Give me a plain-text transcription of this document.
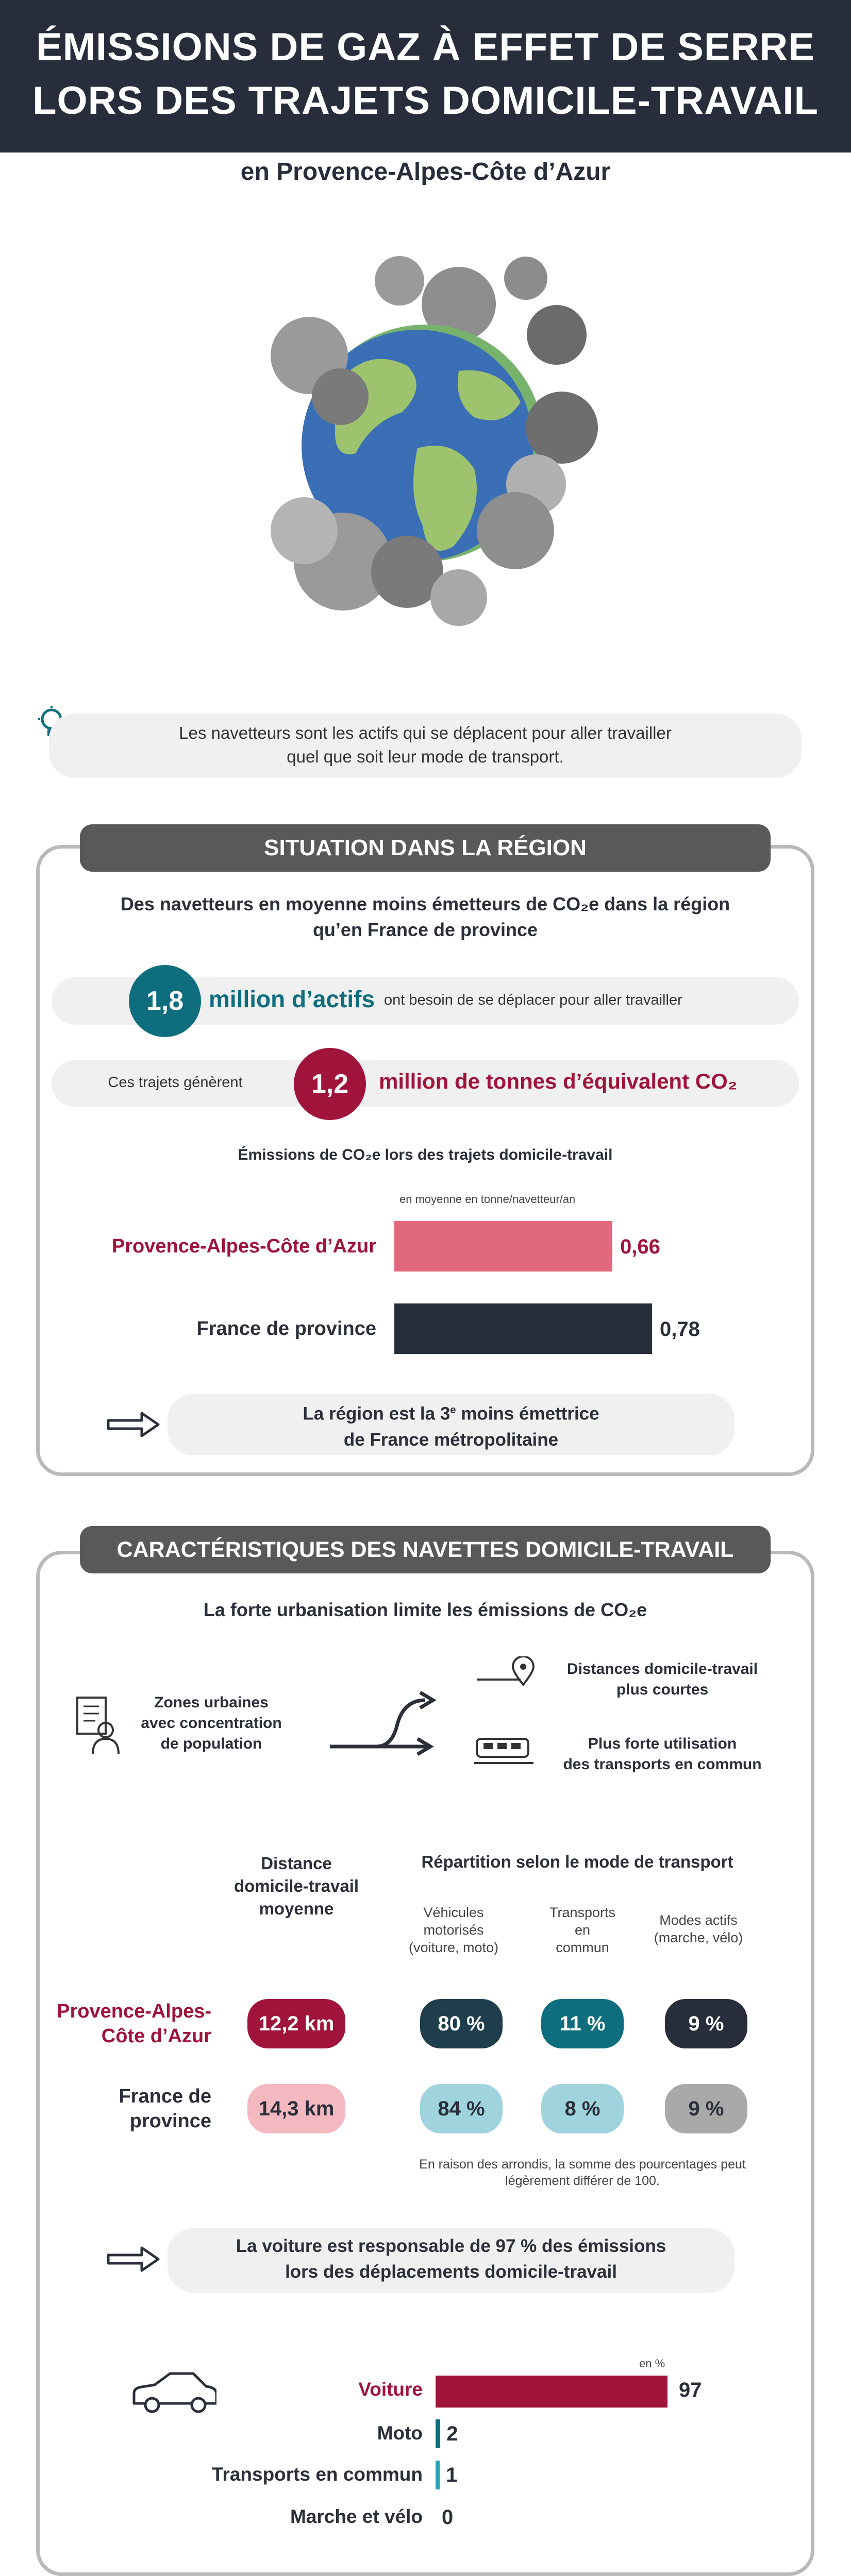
ÉMISSIONS DE GAZ À EFFET DE SERRE
LORS DES TRAJETS DOMICILE-TRAVAIL
en Provence-Alpes-Côte d’Azur
Les navetteurs sont les actifs qui se déplacent pour aller travailler
quel que soit leur mode de transport.
SITUATION DANS LA RÉGION
Des navetteurs en moyenne moins émetteurs de CO₂e dans la région
qu’en France de province
1,8	million d’actifs ont besoin de se déplacer pour aller travailler
Ces trajets génèrent	1,2	million de tonnes d’équivalent CO₂
Émissions de CO₂e lors des trajets domicile-travail
en moyenne en tonne/navetteur/an
Provence-Alpes-Côte d’Azur	0,66
France de province	0,78
La région est la 3e moins émettrice
de France métropolitaine
CARACTÉRISTIQUES DES NAVETTES DOMICILE-TRAVAIL
La forte urbanisation limite les émissions de CO₂e
Zones urbaines
avec concentration
de population
Distances domicile-travail
plus courtes
Plus forte utilisation
des transports en commun
Distance
domicile-travail
moyenne
Répartition selon le mode de transport
Véhicules
motorisés
(voiture, moto)
Transports
en
commun
Modes actifs
(marche, vélo)
Provence-Alpes-
Côte d’Azur
12,2 km	80 %	11 %	9 %
France de
province
14,3 km	84 %	8 %	9 %
En raison des arrondis, la somme des pourcentages peut
légèrement différer de 100.
La voiture est responsable de 97 % des émissions
lors des déplacements domicile-travail
en %
Voiture	97
Moto 2
Transports en commun 1
Marche et vélo 0
